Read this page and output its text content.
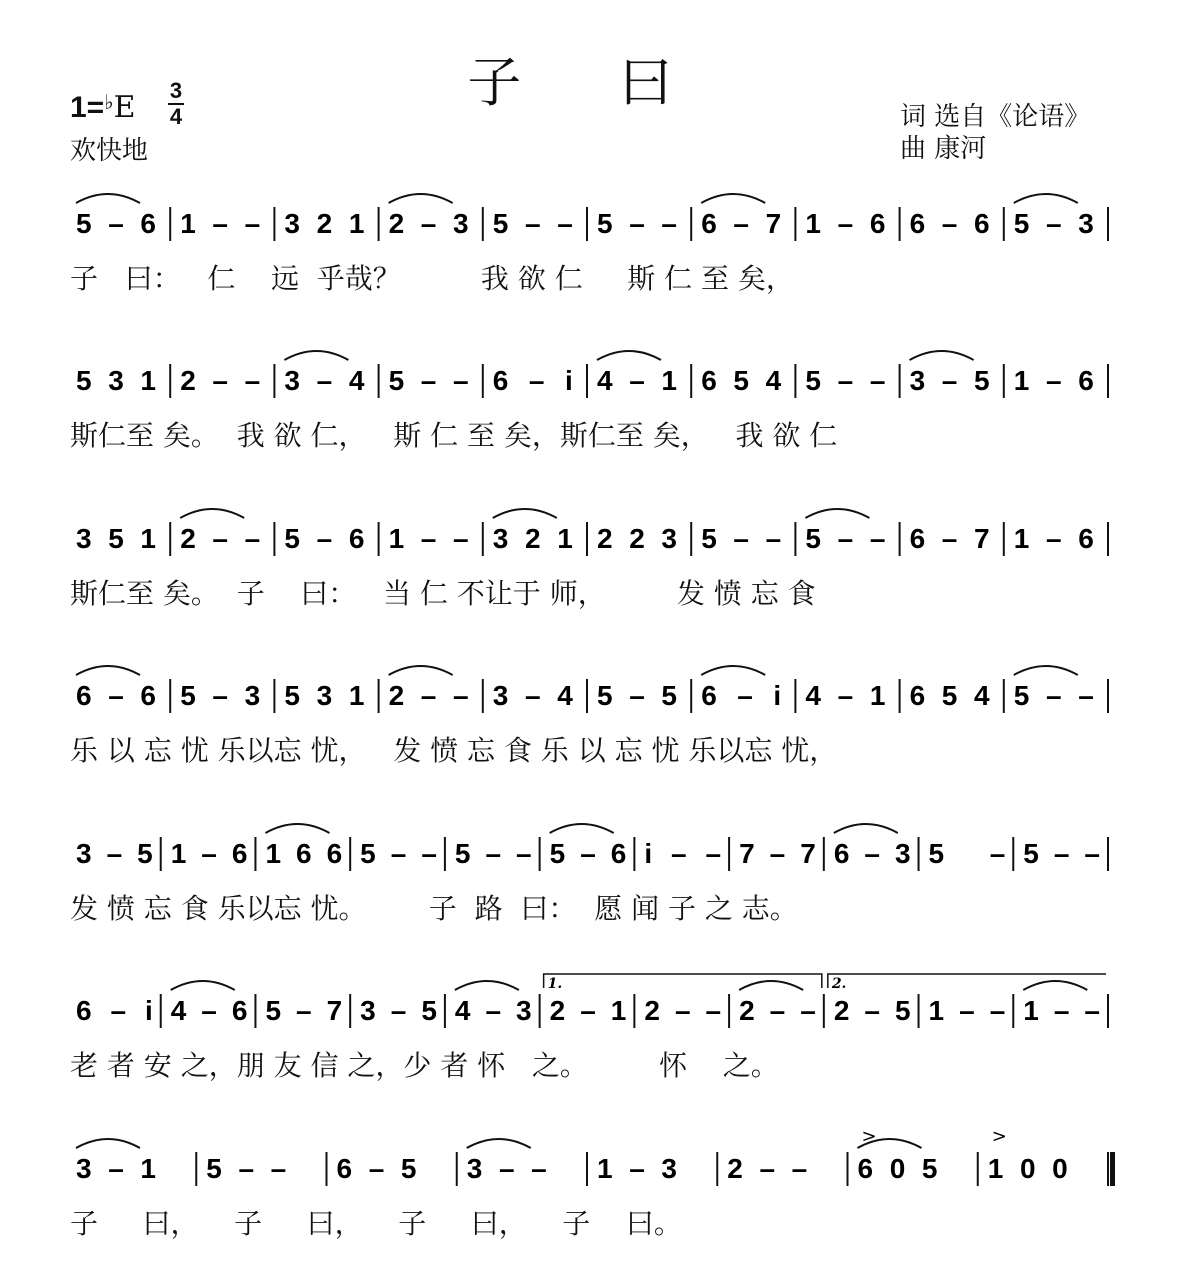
子 曰
1=♭E 3
4
欢快地
词 选自《论语》
曲 康河
5 – 6 1 – – 3 2 1 2 – 3 5 – – 5 – – 6 – 7 1 – 6 6 – 6 5 – 3
子   曰：   仁    远  乎哉？         我 欲 仁     斯 仁 至 矣，
5 3 1 2 – – 3 – 4 5 – – 6 – i 4 – 1 6 5 4 5 – – 3 – 5 1 – 6
斯仁至 矣。  我 欲 仁，   斯 仁 至 矣，斯仁至 矣，   我 欲 仁
3 5 1 2 – – 5 – 6 1 – – 3 2 1 2 2 3 5 – – 5 – – 6 – 7 1 – 6
斯仁至 矣。  子    曰：   当 仁 不让于 师，        发 愤 忘 食
6 – 6 5 – 3 5 3 1 2 – – 3 – 4 5 – 5 6 – i 4 – 1 6 5 4 5 – –
乐 以 忘 忧 乐以忘 忧，   发 愤 忘 食 乐 以 忘 忧 乐以忘 忧，
3 – 5 1 – 6 1 6 6 5 – – 5 – – 5 – 6 i – – 7 – 7 6 – 3 5 – 5 – –
发 愤 忘 食 乐以忘 忧。       子  路  曰：  愿 闻 子 之 志。
6 – i 4 – 6 5 – 7 3 – 5 4 – 3 2 – 1 2 – – 2 – – 2 – 5 1 – – 1 – –
1.	2.
老 者 安 之，朋 友 信 之，少 者 怀   之。        怀    之。
3 – 1 5 – – 6 – 5 3 – – 1 – 3 2 – – 6 0 5 1 0 0
>	>
子     曰，    子     曰，    子     曰，    子    曰。
